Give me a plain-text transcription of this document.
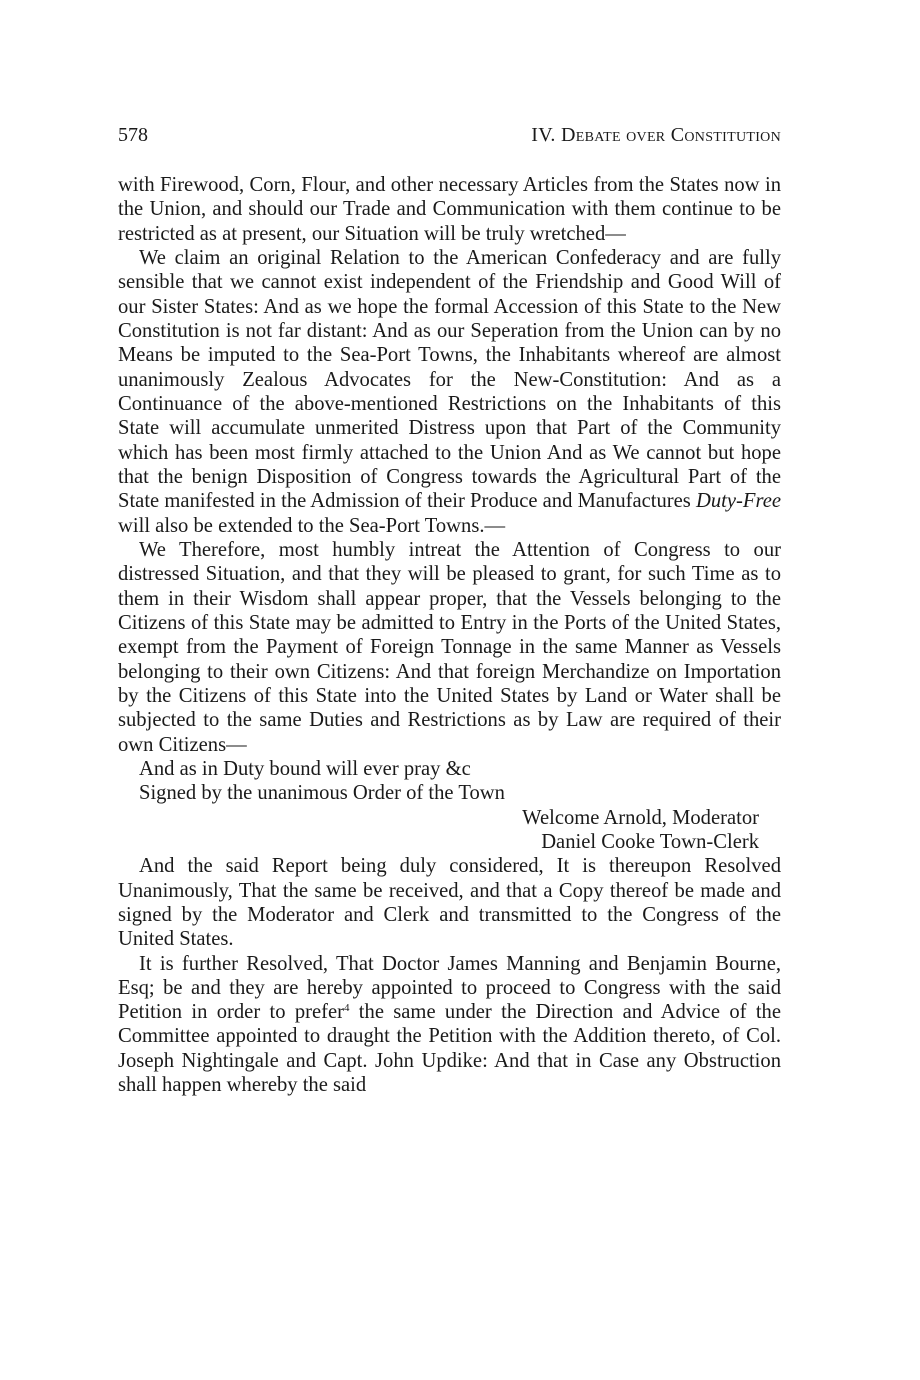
578	IV. Debate over Constitution

with Firewood, Corn, Flour, and other necessary Articles from the States now in the Union, and should our Trade and Communication with them continue to be restricted as at present, our Situation will be truly wretched—

We claim an original Relation to the American Confederacy and are fully sensible that we cannot exist independent of the Friendship and Good Will of our Sister States: And as we hope the formal Accession of this State to the New Constitution is not far distant: And as our Seperation from the Union can by no Means be imputed to the Sea-Port Towns, the Inhabitants whereof are almost unanimously Zealous Advocates for the New-Constitution: And as a Continuance of the above-mentioned Restrictions on the Inhabitants of this State will accumulate unmerited Distress upon that Part of the Community which has been most firmly attached to the Union And as We cannot but hope that the benign Disposition of Congress towards the Agricultural Part of the State manifested in the Admission of their Produce and Manufactures Duty-Free will also be extended to the Sea-Port Towns.—

We Therefore, most humbly intreat the Attention of Congress to our distressed Situation, and that they will be pleased to grant, for such Time as to them in their Wisdom shall appear proper, that the Vessels belonging to the Citizens of this State may be admitted to Entry in the Ports of the United States, exempt from the Payment of Foreign Tonnage in the same Manner as Vessels belonging to their own Citizens: And that foreign Merchandize on Importation by the Citizens of this State into the United States by Land or Water shall be subjected to the same Duties and Restrictions as by Law are required of their own Citizens—

And as in Duty bound will ever pray &c

Signed by the unanimous Order of the Town

Welcome Arnold, Moderator

Daniel Cooke Town-Clerk

And the said Report being duly considered, It is thereupon Resolved Unanimously, That the same be received, and that a Copy thereof be made and signed by the Moderator and Clerk and transmitted to the Congress of the United States.

It is further Resolved, That Doctor James Manning and Benjamin Bourne, Esq; be and they are hereby appointed to proceed to Congress with the said Petition in order to prefer$^4$ the same under the Direction and Advice of the Committee appointed to draught the Petition with the Addition thereto, of Col. Joseph Nightingale and Capt. John Updike: And that in Case any Obstruction shall happen whereby the said
